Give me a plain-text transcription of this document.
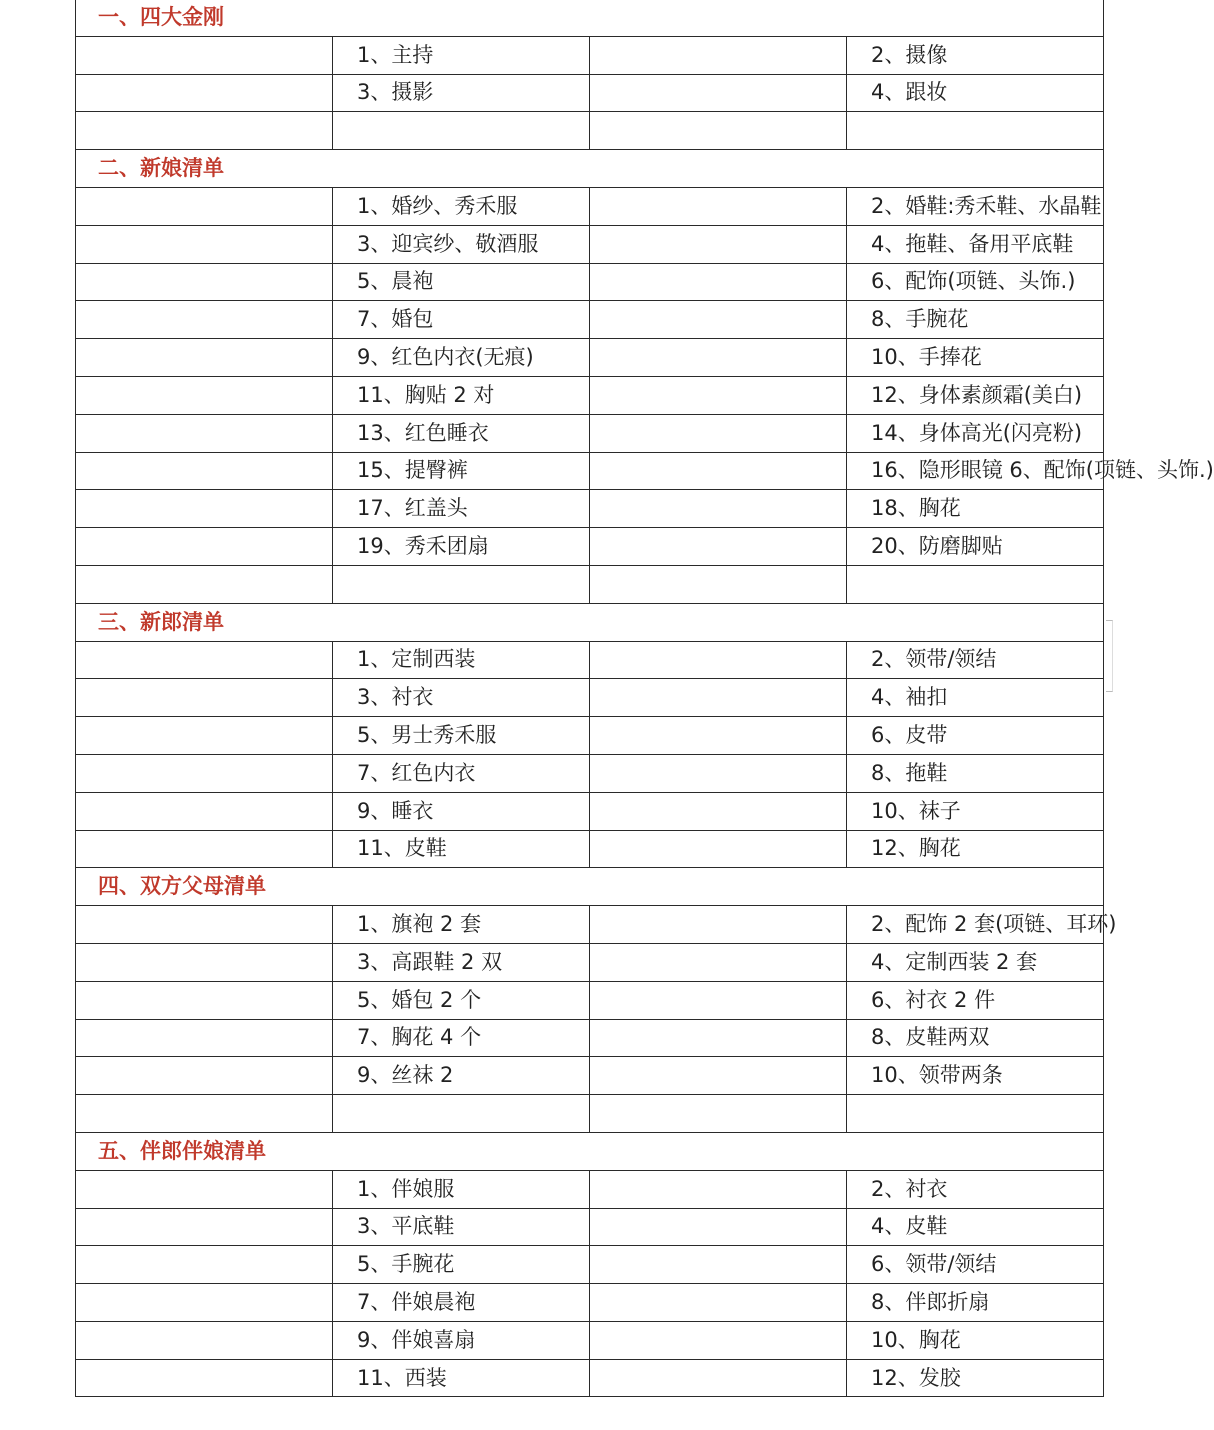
一、四大金刚			
	1、主持		2、摄像
	3、摄影		4、跟妆

二、新娘清单			
	1、婚纱、秀禾服		2、婚鞋:秀禾鞋、水晶鞋
	3、迎宾纱、敬酒服		4、拖鞋、备用平底鞋
	5、晨袍		6、配饰(项链、头饰.)
	7、婚包		8、手腕花
	9、红色内衣(无痕)		10、手捧花
	11、胸贴 2 对		12、身体素颜霜(美白)
	13、红色睡衣		14、身体高光(闪亮粉)
	15、提臀裤		16、隐形眼镜 6、配饰(项链、头饰.)
	17、红盖头		18、胸花
	19、秀禾团扇		20、防磨脚贴

三、新郎清单			
	1、定制西装		2、领带/领结
	3、衬衣		4、袖扣
	5、男士秀禾服		6、皮带
	7、红色内衣		8、拖鞋
	9、睡衣		10、袜子
	11、皮鞋		12、胸花
四、双方父母清单			
	1、旗袍 2 套		2、配饰 2 套(项链、耳环)
	3、高跟鞋 2 双		4、定制西装 2 套
	5、婚包 2 个		6、衬衣 2 件
	7、胸花 4 个		8、皮鞋两双
	9、丝袜 2		10、领带两条

五、伴郎伴娘清单			
	1、伴娘服		2、衬衣
	3、平底鞋		4、皮鞋
	5、手腕花		6、领带/领结
	7、伴娘晨袍		8、伴郎折扇
	9、伴娘喜扇		10、胸花
	11、西装		12、发胶
